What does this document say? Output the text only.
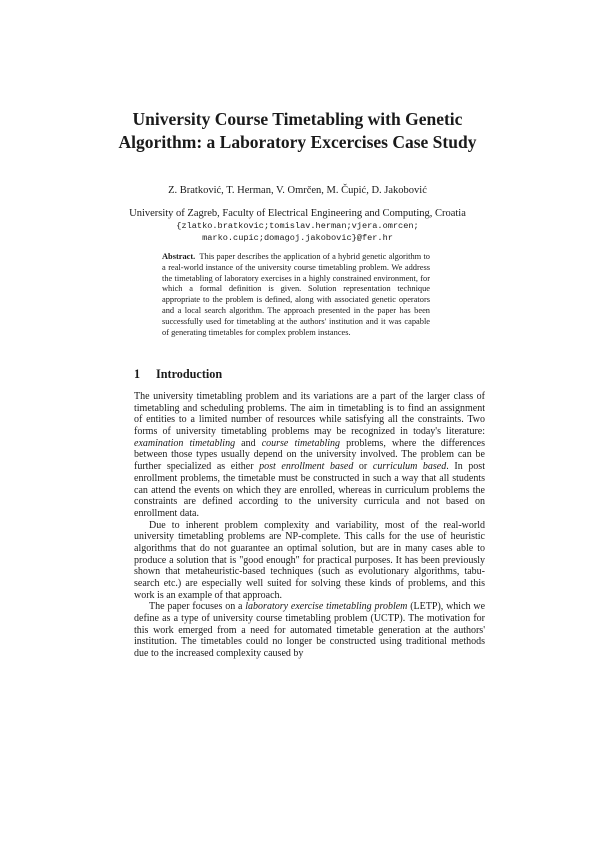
University Course Timetabling with Genetic
Algorithm: a Laboratory Excercises Case Study
Z. Bratković, T. Herman, V. Omrčen, M. Čupić, D. Jakobović
University of Zagreb, Faculty of Electrical Engineering and Computing, Croatia
{zlatko.bratkovic;tomislav.herman;vjera.omrcen;
marko.cupic;domagoj.jakobovic}@fer.hr
Abstract. This paper describes the application of a hybrid genetic algorithm to a real-world instance of the university course timetabling problem. We address the timetabling of laboratory exercises in a highly constrained environment, for which a formal definition is given. Solution representation technique appropriate to the problem is defined, along with associated genetic operators and a local search algorithm. The approach presented in the paper has been successfully used for timetabling at the authors' institution and it was capable of generating timetables for complex problem instances.
1 Introduction

The university timetabling problem and its variations are a part of the larger class of timetabling and scheduling problems. The aim in timetabling is to find an assignment of entities to a limited number of resources while satisfying all the constraints. Two forms of university timetabling problems may be recognized in today's literature: examination timetabling and course timetabling problems, where the differences between those types usually depend on the university involved. The problem can be further specialized as either post enrollment based or curriculum based. In post enrollment problems, the timetable must be constructed in such a way that all students can attend the events on which they are enrolled, whereas in curriculum problems the constraints are defined according to the university curricula and not based on enrollment data.

Due to inherent problem complexity and variability, most of the real-world university timetabling problems are NP-complete. This calls for the use of heuristic algorithms that do not guarantee an optimal solution, but are in many cases able to produce a solution that is "good enough" for practical purposes. It has been previously shown that metaheuristic-based techniques (such as evolutionary algorithms, tabu-search etc.) are especially well suited for solving these kinds of problems, and this work is an example of that approach.

The paper focuses on a laboratory exercise timetabling problem (LETP), which we define as a type of university course timetabling problem (UCTP). The motivation for this work emerged from a need for automated timetable generation at the authors' institution. The timetables could no longer be constructed using traditional methods due to the increased complexity caused by
